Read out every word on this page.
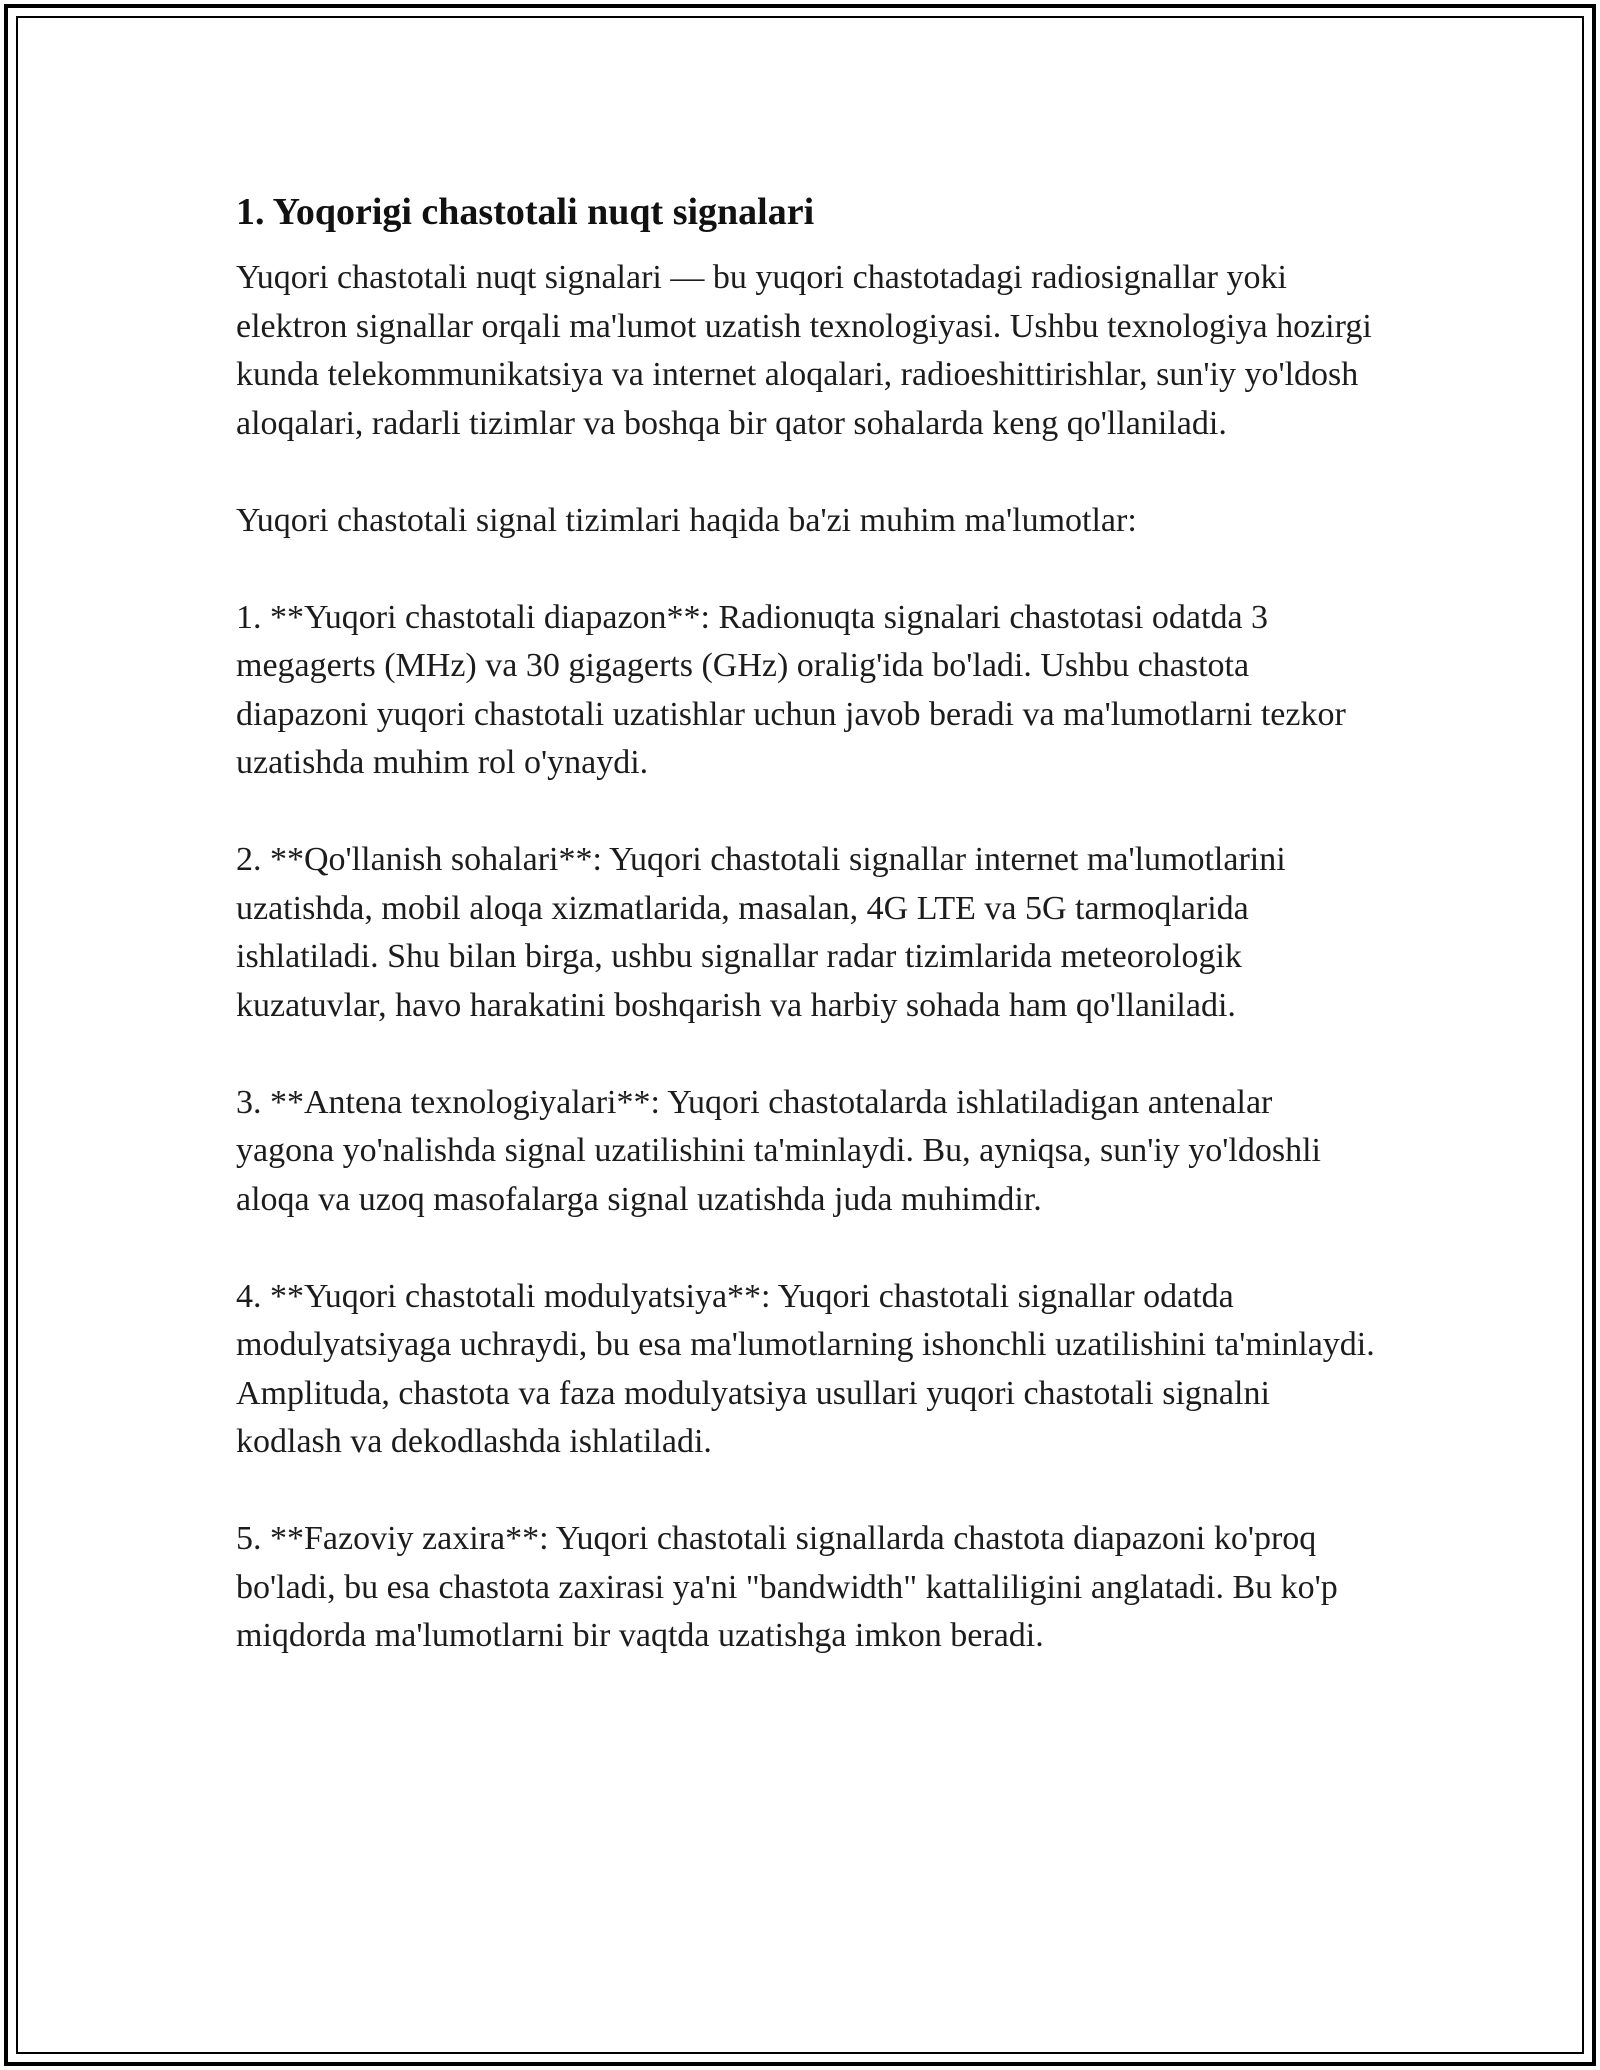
1. Yoqorigi chastotali nuqt signalari

Yuqori chastotali nuqt signalari — bu yuqori chastotadagi radiosignallar yoki elektron signallar orqali ma'lumot uzatish texnologiyasi. Ushbu texnologiya hozirgi kunda telekommunikatsiya va internet aloqalari, radioeshittirishlar, sun'iy yo'ldosh aloqalari, radarli tizimlar va boshqa bir qator sohalarda keng qo'llaniladi.

Yuqori chastotali signal tizimlari haqida ba'zi muhim ma'lumotlar:

1. **Yuqori chastotali diapazon**: Radionuqta signalari chastotasi odatda 3 megagerts (MHz) va 30 gigagerts (GHz) oralig'ida bo'ladi. Ushbu chastota diapazoni yuqori chastotali uzatishlar uchun javob beradi va ma'lumotlarni tezkor uzatishda muhim rol o'ynaydi.

2. **Qo'llanish sohalari**: Yuqori chastotali signallar internet ma'lumotlarini uzatishda, mobil aloqa xizmatlarida, masalan, 4G LTE va 5G tarmoqlarida ishlatiladi. Shu bilan birga, ushbu signallar radar tizimlarida meteorologik kuzatuvlar, havo harakatini boshqarish va harbiy sohada ham qo'llaniladi.

3. **Antena texnologiyalari**: Yuqori chastotalarda ishlatiladigan antenalar yagona yo'nalishda signal uzatilishini ta'minlaydi. Bu, ayniqsa, sun'iy yo'ldoshli aloqa va uzoq masofalarga signal uzatishda juda muhimdir.

4. **Yuqori chastotali modulyatsiya**: Yuqori chastotali signallar odatda modulyatsiyaga uchraydi, bu esa ma'lumotlarning ishonchli uzatilishini ta'minlaydi. Amplituda, chastota va faza modulyatsiya usullari yuqori chastotali signalni kodlash va dekodlashda ishlatiladi.

5. **Fazoviy zaxira**: Yuqori chastotali signallarda chastota diapazoni ko'proq bo'ladi, bu esa chastota zaxirasi ya'ni "bandwidth" kattaliligini anglatadi. Bu ko'p miqdorda ma'lumotlarni bir vaqtda uzatishga imkon beradi.
